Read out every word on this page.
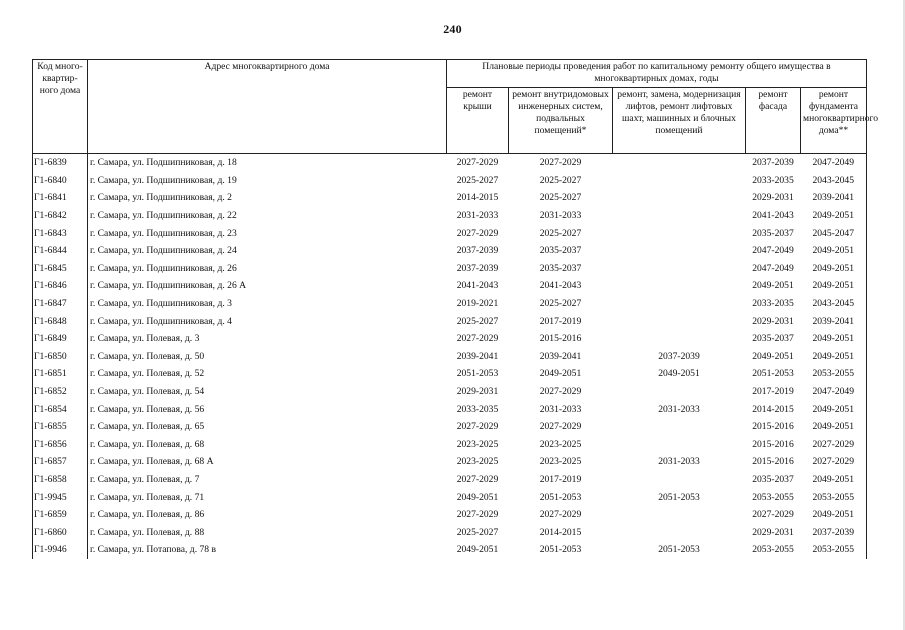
240
Код много-квартир-ного дома	Адрес многоквартирного дома	Плановые периоды проведения работ по капитальному ремонту общего имущества в многоквартирных домах, годы				
		ремонт крыши	ремонт внутридомовых инженерных систем, подвальных помещений*	ремонт, замена, модернизация лифтов, ремонт лифтовых шахт, машинных и блочных помещений	ремонт фасада	ремонт фундамента многоквартирного дома**
Г1-6839	г. Самара, ул. Подшипниковая, д. 18	2027-2029	2027-2029		2037-2039	2047-2049
Г1-6840	г. Самара, ул. Подшипниковая, д. 19	2025-2027	2025-2027		2033-2035	2043-2045
Г1-6841	г. Самара, ул. Подшипниковая, д. 2	2014-2015	2025-2027		2029-2031	2039-2041
Г1-6842	г. Самара, ул. Подшипниковая, д. 22	2031-2033	2031-2033		2041-2043	2049-2051
Г1-6843	г. Самара, ул. Подшипниковая, д. 23	2027-2029	2025-2027		2035-2037	2045-2047
Г1-6844	г. Самара, ул. Подшипниковая, д. 24	2037-2039	2035-2037		2047-2049	2049-2051
Г1-6845	г. Самара, ул. Подшипниковая, д. 26	2037-2039	2035-2037		2047-2049	2049-2051
Г1-6846	г. Самара, ул. Подшипниковая, д. 26 А	2041-2043	2041-2043		2049-2051	2049-2051
Г1-6847	г. Самара, ул. Подшипниковая, д. 3	2019-2021	2025-2027		2033-2035	2043-2045
Г1-6848	г. Самара, ул. Подшипниковая, д. 4	2025-2027	2017-2019		2029-2031	2039-2041
Г1-6849	г. Самара, ул. Полевая, д. 3	2027-2029	2015-2016		2035-2037	2049-2051
Г1-6850	г. Самара, ул. Полевая, д. 50	2039-2041	2039-2041	2037-2039	2049-2051	2049-2051
Г1-6851	г. Самара, ул. Полевая, д. 52	2051-2053	2049-2051	2049-2051	2051-2053	2053-2055
Г1-6852	г. Самара, ул. Полевая, д. 54	2029-2031	2027-2029		2017-2019	2047-2049
Г1-6854	г. Самара, ул. Полевая, д. 56	2033-2035	2031-2033	2031-2033	2014-2015	2049-2051
Г1-6855	г. Самара, ул. Полевая, д. 65	2027-2029	2027-2029		2015-2016	2049-2051
Г1-6856	г. Самара, ул. Полевая, д. 68	2023-2025	2023-2025		2015-2016	2027-2029
Г1-6857	г. Самара, ул. Полевая, д. 68 А	2023-2025	2023-2025	2031-2033	2015-2016	2027-2029
Г1-6858	г. Самара, ул. Полевая, д. 7	2027-2029	2017-2019		2035-2037	2049-2051
Г1-9945	г. Самара, ул. Полевая, д. 71	2049-2051	2051-2053	2051-2053	2053-2055	2053-2055
Г1-6859	г. Самара, ул. Полевая, д. 86	2027-2029	2027-2029		2027-2029	2049-2051
Г1-6860	г. Самара, ул. Полевая, д. 88	2025-2027	2014-2015		2029-2031	2037-2039
Г1-9946	г. Самара, ул. Потапова, д. 78 в	2049-2051	2051-2053	2051-2053	2053-2055	2053-2055
